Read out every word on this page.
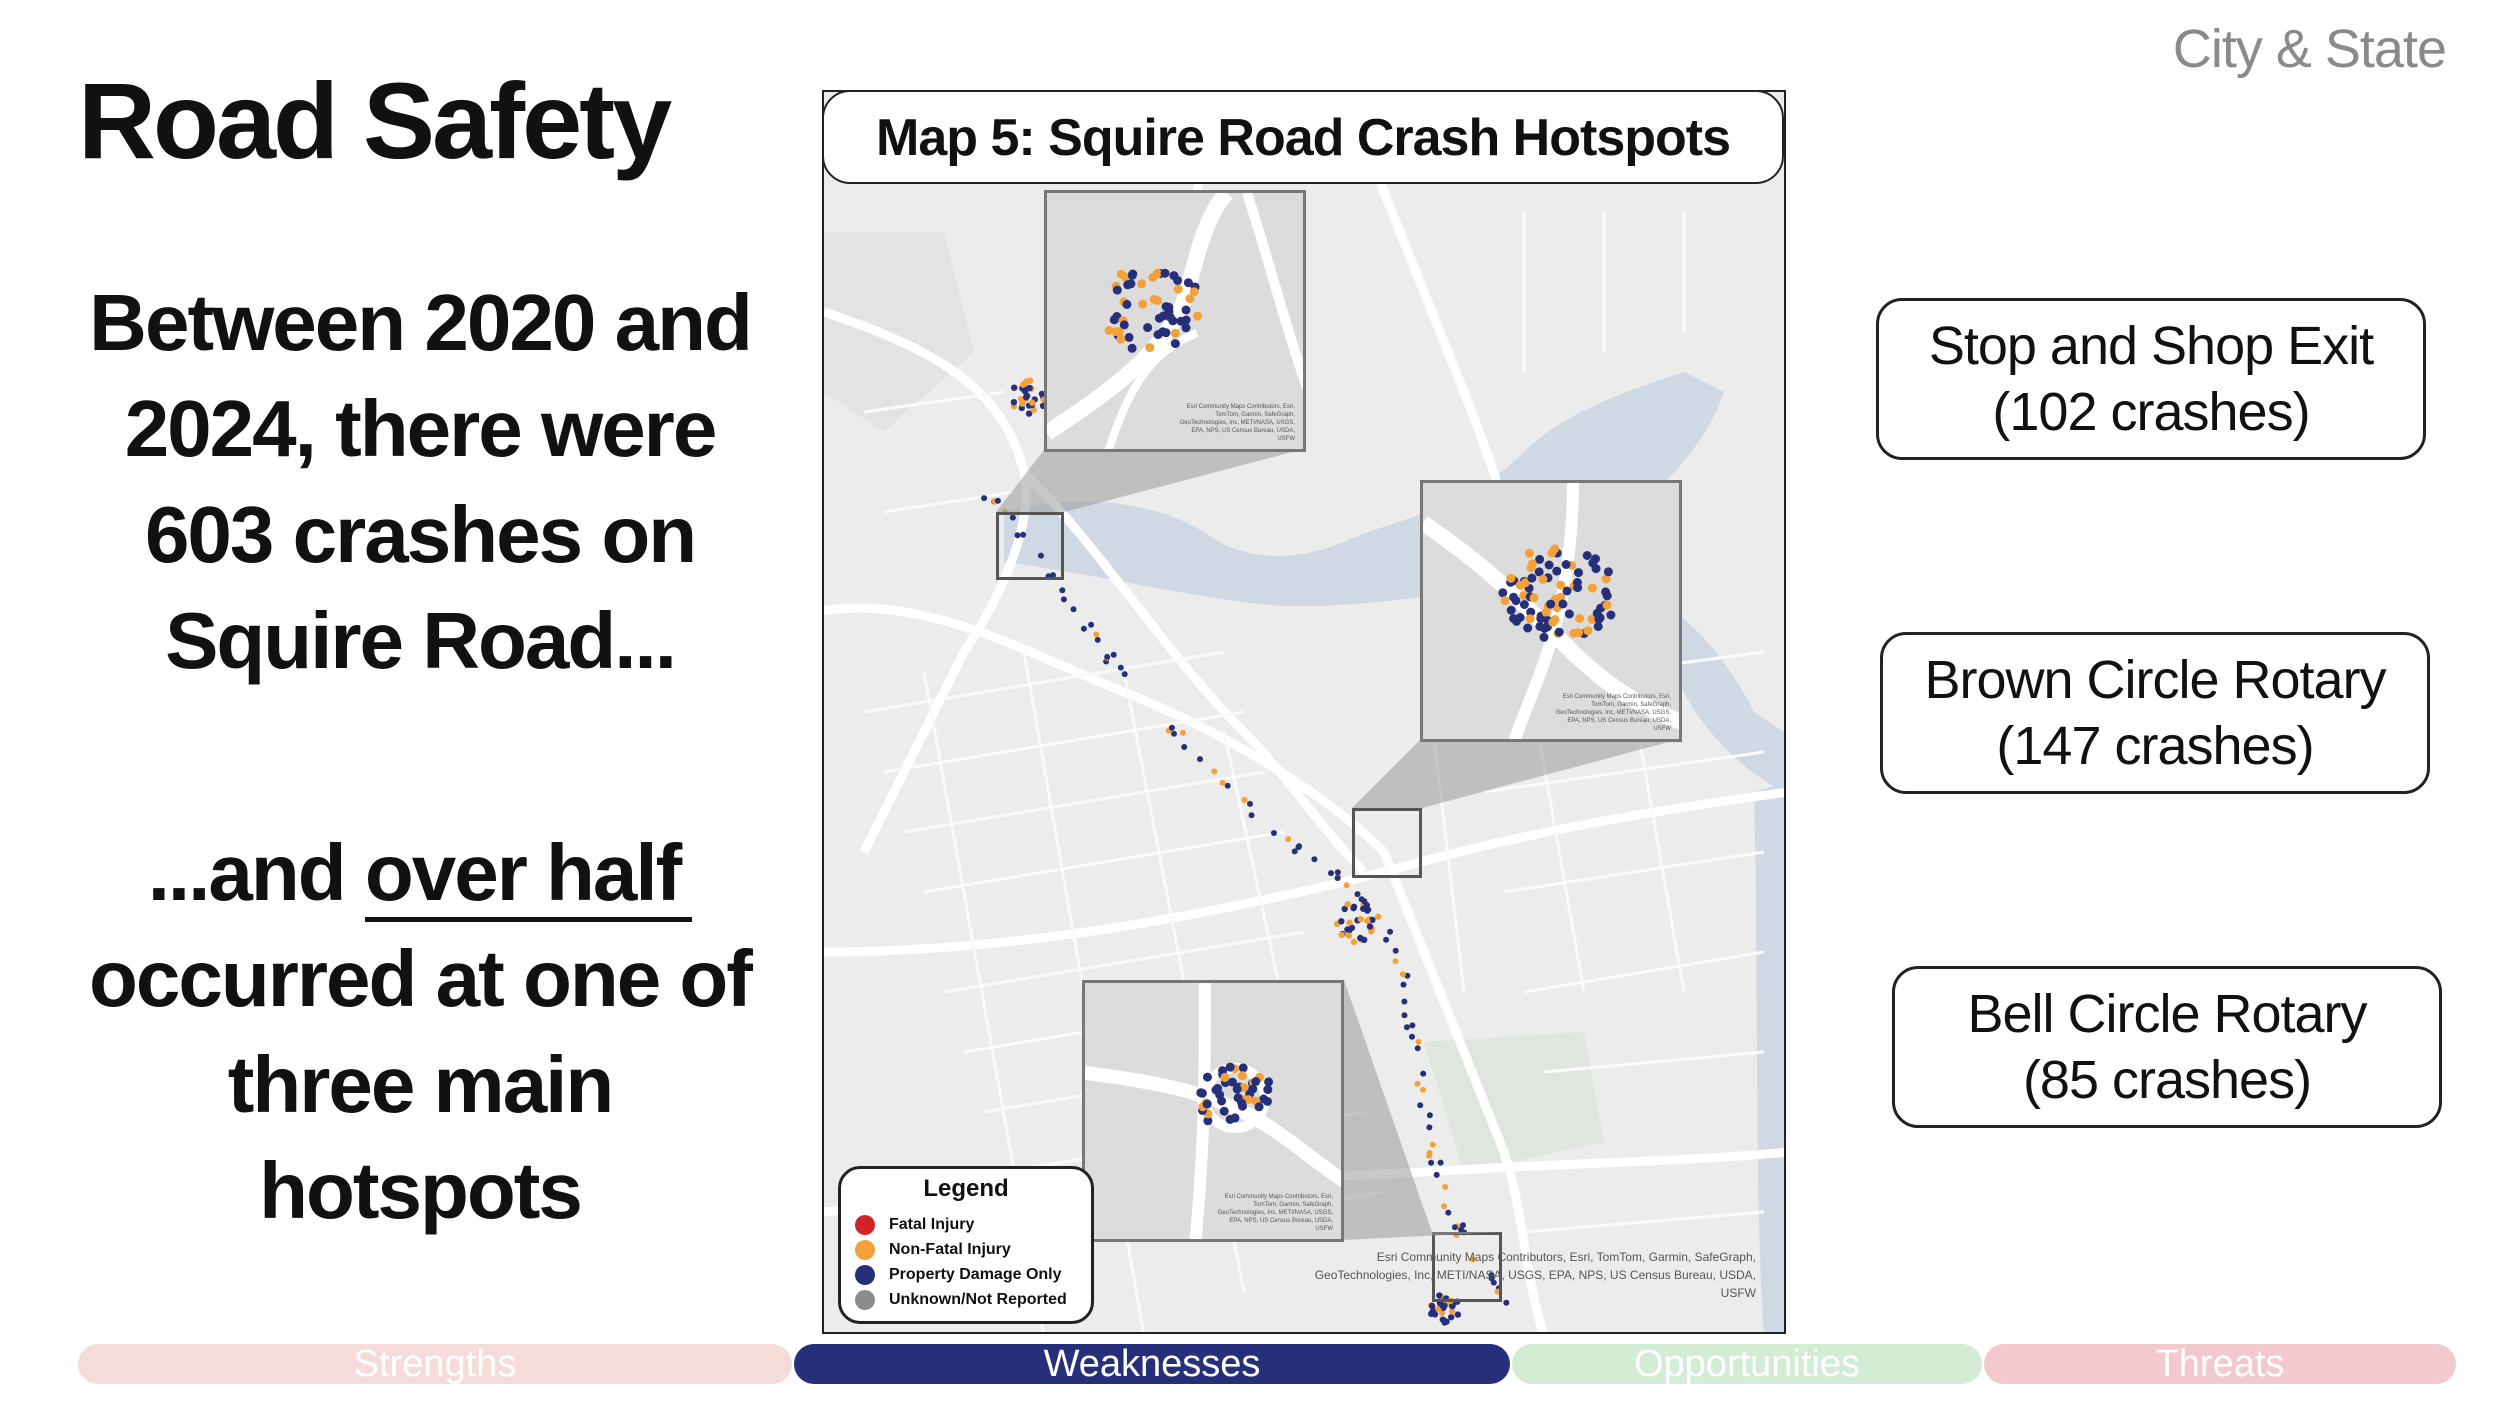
City & State
Road Safety
Between 2020 and
2024, there were
603 crashes on
Squire Road...
...and over half
occurred at one of
three main
hotspots
Esri Community Maps Contributors, Esri, TomTom, Garmin, SafeGraph, GeoTechnologies, Inc, METI/NASA, USGS, EPA, NPS, US Census Bureau, USDA, USFW
Esri Community Maps Contributors, Esri, TomTom, Garmin, SafeGraph, GeoTechnologies, Inc, METI/NASA, USGS, EPA, NPS, US Census Bureau, USDA, USFW
Esri Community Maps Contributors, Esri, TomTom, Garmin, SafeGraph, GeoTechnologies, Inc, METI/NASA, USGS, EPA, NPS, US Census Bureau, USDA, USFW
Map 5: Squire Road Crash Hotspots
Legend
Fatal Injury
Non-Fatal Injury
Property Damage Only
Unknown/Not Reported
Esri Community Maps Contributors, Esri, TomTom, Garmin, SafeGraph, GeoTechnologies, Inc, METI/NASA, USGS, EPA, NPS, US Census Bureau, USDA, USFW
Stop and Shop Exit
(102 crashes)
Brown Circle Rotary
(147 crashes)
Bell Circle Rotary
(85 crashes)
Strengths	Weaknesses	Opportunities	Threats
